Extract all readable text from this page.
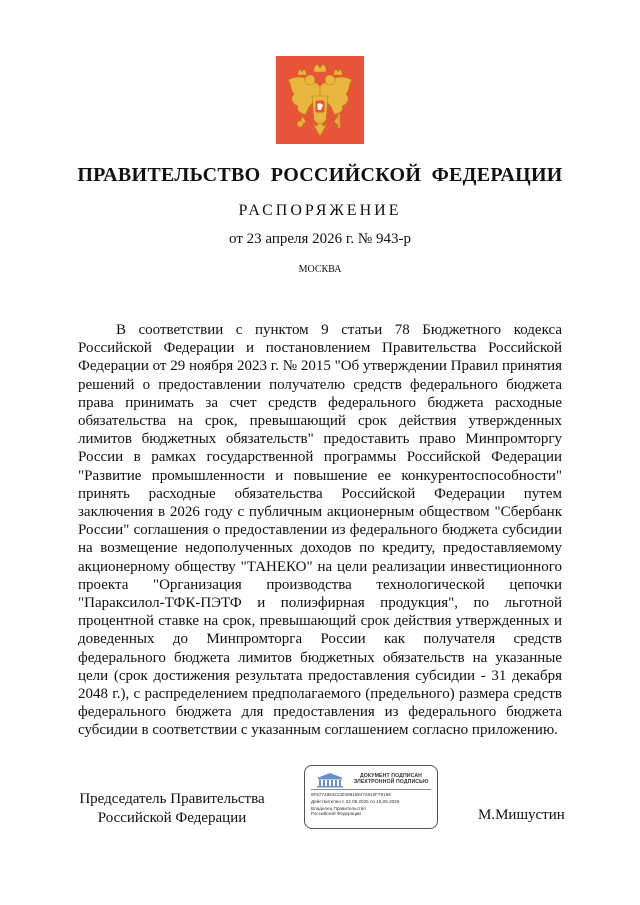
ПРАВИТЕЛЬСТВО РОССИЙСКОЙ ФЕДЕРАЦИИ
РАСПОРЯЖЕНИЕ
от 23 апреля 2026 г. № 943-р
МОСКВА

В соответствии с пунктом 9 статьи 78 Бюджетного кодекса Российской Федерации и постановлением Правительства Российской Федерации от 29 ноября 2023 г. № 2015 "Об утверждении Правил принятия решений о предоставлении получателю средств федерального бюджета права принимать за счет средств федерального бюджета расходные обязательства на срок, превышающий срок действия утвержденных лимитов бюджетных обязательств" предоставить право Минпромторгу России в рамках государственной программы Российской Федерации "Развитие промышленности и повышение ее конкурентоспособности" принять расходные обязательства Российской Федерации путем заключения в 2026 году с публичным акционерным обществом "Сбербанк России" соглашения о предоставлении из федерального бюджета субсидии на возмещение недополученных доходов по кредиту, предоставляемому акционерному обществу "ТАНЕКО" на цели реализации инвестиционного проекта "Организация производства технологической цепочки "Параксилол-ТФК-ПЭТФ и полиэфирная продукция", по льготной процентной ставке на срок, превышающий срок действия утвержденных и доведенных до Минпромторга России как получателя средств федерального бюджета лимитов бюджетных обязательств на указанные цели (срок достижения результата предоставления субсидии - 31 декабря 2048 г.), с распределением предполагаемого (предельного) размера средств федерального бюджета для предоставления из федерального бюджета субсидии в соответствии с указанным соглашением согласно приложению.

Председатель Правительства
Российской Федерации
ДОКУМЕНТ ПОДПИСАН
ЭЛЕКТРОННОЙ ПОДПИСЬЮ
8F67748542130408188472810F79155
Действителен с 22.05.2025 по 15.08.2026
Владелец Правительство Российской Федерации	М.Мишустин
